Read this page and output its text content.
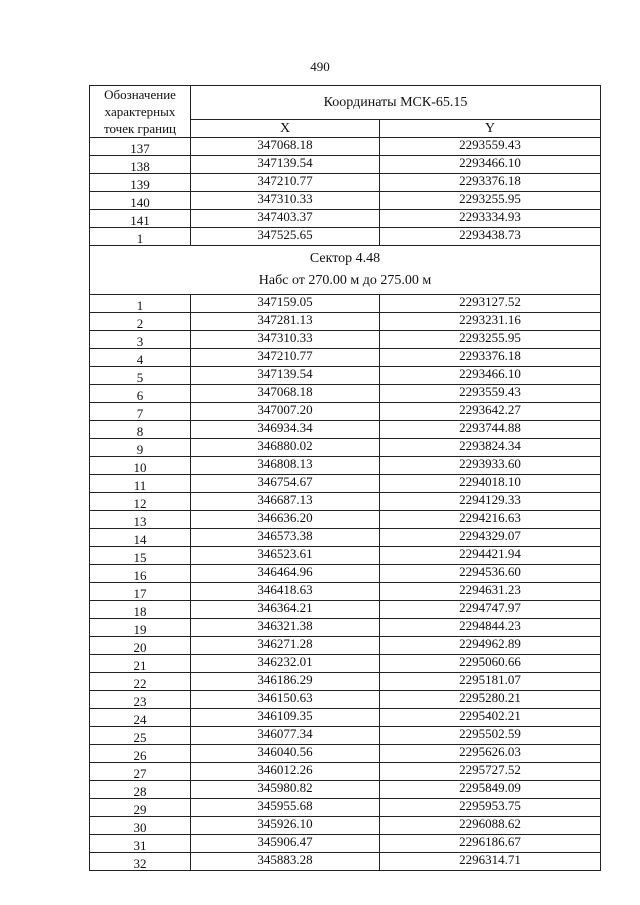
490
Обозначение
характерных
точек границ	Координаты МСК-65.15	
	X	Y
137	347068.18	2293559.43
138	347139.54	2293466.10
139	347210.77	2293376.18
140	347310.33	2293255.95
141	347403.37	2293334.93
1	347525.65	2293438.73

Сектор 4.48
Набс от 270.00 м до 275.00 м		

1	347159.05	2293127.52
2	347281.13	2293231.16
3	347310.33	2293255.95
4	347210.77	2293376.18
5	347139.54	2293466.10
6	347068.18	2293559.43
7	347007.20	2293642.27
8	346934.34	2293744.88
9	346880.02	2293824.34
10	346808.13	2293933.60
11	346754.67	2294018.10
12	346687.13	2294129.33
13	346636.20	2294216.63
14	346573.38	2294329.07
15	346523.61	2294421.94
16	346464.96	2294536.60
17	346418.63	2294631.23
18	346364.21	2294747.97
19	346321.38	2294844.23
20	346271.28	2294962.89
21	346232.01	2295060.66
22	346186.29	2295181.07
23	346150.63	2295280.21
24	346109.35	2295402.21
25	346077.34	2295502.59
26	346040.56	2295626.03
27	346012.26	2295727.52
28	345980.82	2295849.09
29	345955.68	2295953.75
30	345926.10	2296088.62
31	345906.47	2296186.67
32	345883.28	2296314.71
